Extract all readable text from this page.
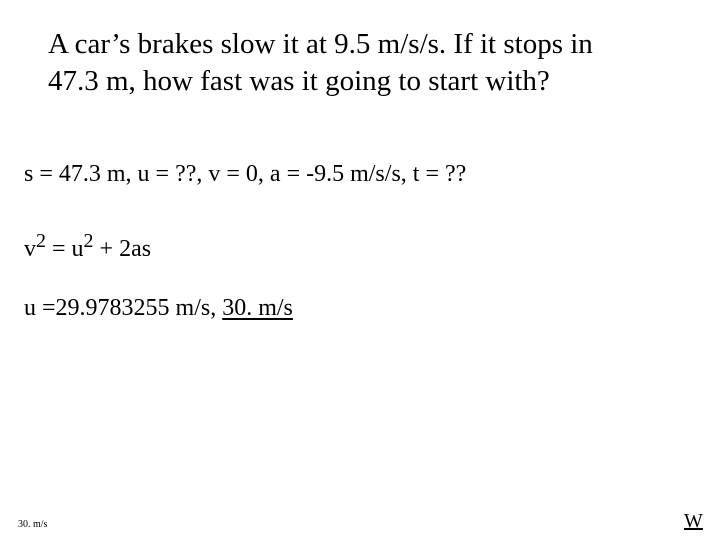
A car’s brakes slow it at 9.5 m/s/s. If it stops in
47.3 m, how fast was it going to start with?

s = 47.3 m, u = ??, v = 0, a = -9.5 m/s/s, t = ??

$v^2 = u^2 + 2as$

u =29.9783255 m/s, 30. m/s

30. m/s	W
